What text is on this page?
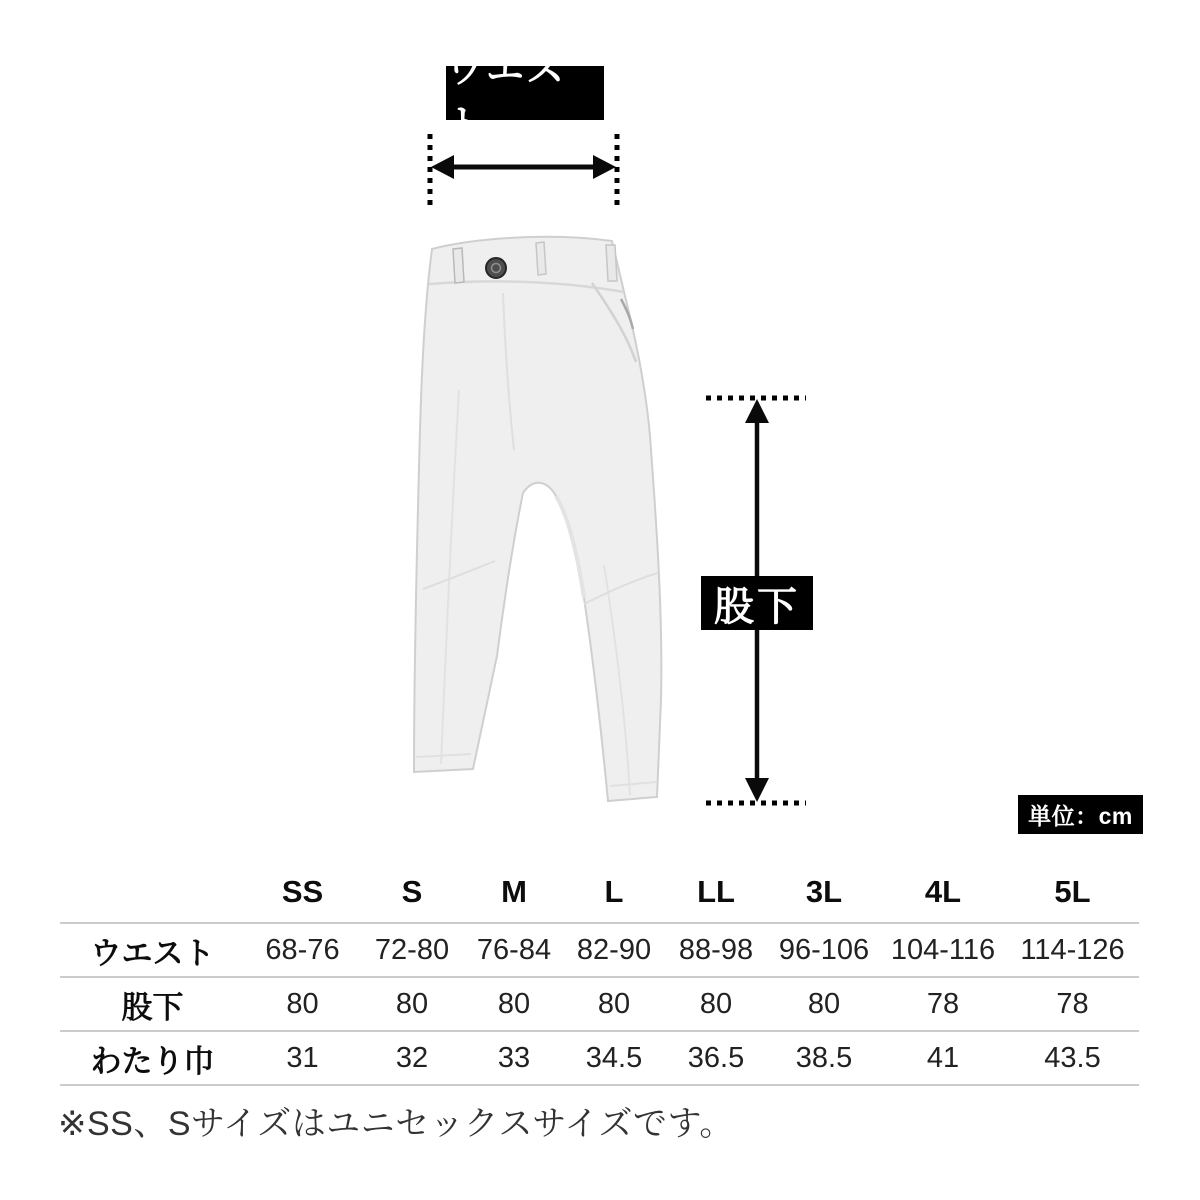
ウエスト
股下
単位：cm
	SS	S	M	L	LL	3L	4L	5L
ウエスト	68-76	72-80	76-84	82-90	88-98	96-106	104-116	114-126
股下	80	80	80	80	80	80	78	78
わたり巾	31	32	33	34.5	36.5	38.5	41	43.5
※SS、Sサイズはユニセックスサイズです。
